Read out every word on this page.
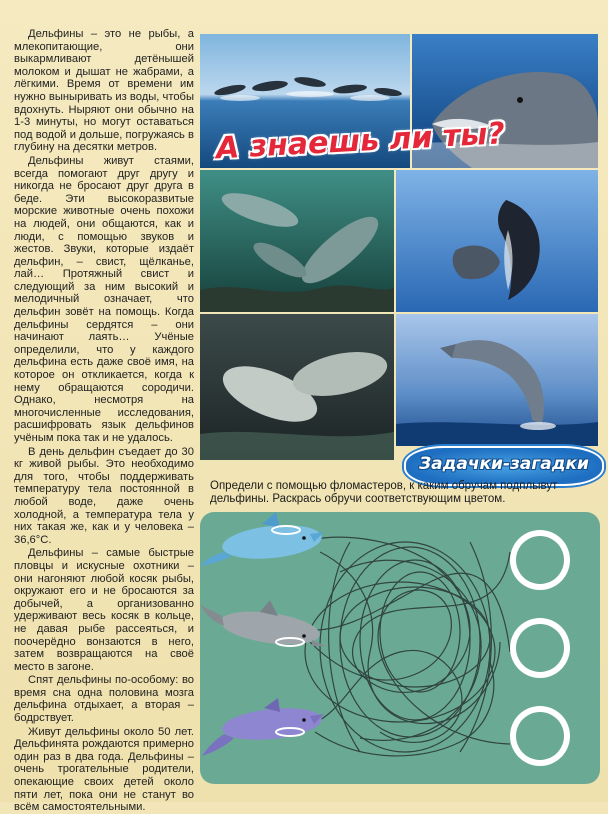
Дельфины – это не рыбы, а млекопитающие, они выкармливают детёнышей молоком и дышат не жабрами, а лёгкими. Время от времени им нужно выныривать из воды, чтобы вдохнуть. Ныряют они обычно на 1-3 минуты, но могут оставаться под водой и дольше, погружаясь в глубину на десятки метров.

Дельфины живут стаями, всегда помогают друг другу и никогда не бросают друг друга в беде. Эти высокоразвитые морские животные очень похожи на людей, они общаются, как и люди, с помощью звуков и жестов. Звуки, которые издаёт дельфин, – свист, щёлканье, лай… Протяжный свист и следующий за ним высокий и мелодичный означает, что дельфин зовёт на помощь. Когда дельфины сердятся – они начинают лаять… Учёные определили, что у каждого дельфина есть даже своё имя, на которое он откликается, когда к нему обращаются сородичи. Однако, несмотря на многочисленные исследования, расшифровать язык дельфинов учёным пока так и не удалось.

В день дельфин съедает до 30 кг живой рыбы. Это необходимо для того, чтобы поддерживать температуру тела постоянной в любой воде, даже очень холодной, а температура тела у них такая же, как и у человека – 36,6°С.

Дельфины – самые быстрые пловцы и искусные охотники – они нагоняют любой косяк рыбы, окружают его и не бросаются за добычей, а организованно удерживают весь косяк в кольце, не давая рыбе рассеяться, и поочерёдно вонзаются в него, затем возвращаются на своё место в загоне.

Спят дельфины по-особому: во время сна одна половина мозга дельфина отдыхает, а вторая – бодрствует.

Живут дельфины около 50 лет. Дельфинята рождаются примерно один раз в два года. Дельфины – очень трогательные родители, опекающие своих детей около пяти лет, пока они не станут во всём самостоятельными.

А знаешь ли ты?
Задачки-загадки
Определи с помощью фломастеров, к каким обручам подплывут дельфины. Раскрась обручи соответствующим цветом.
